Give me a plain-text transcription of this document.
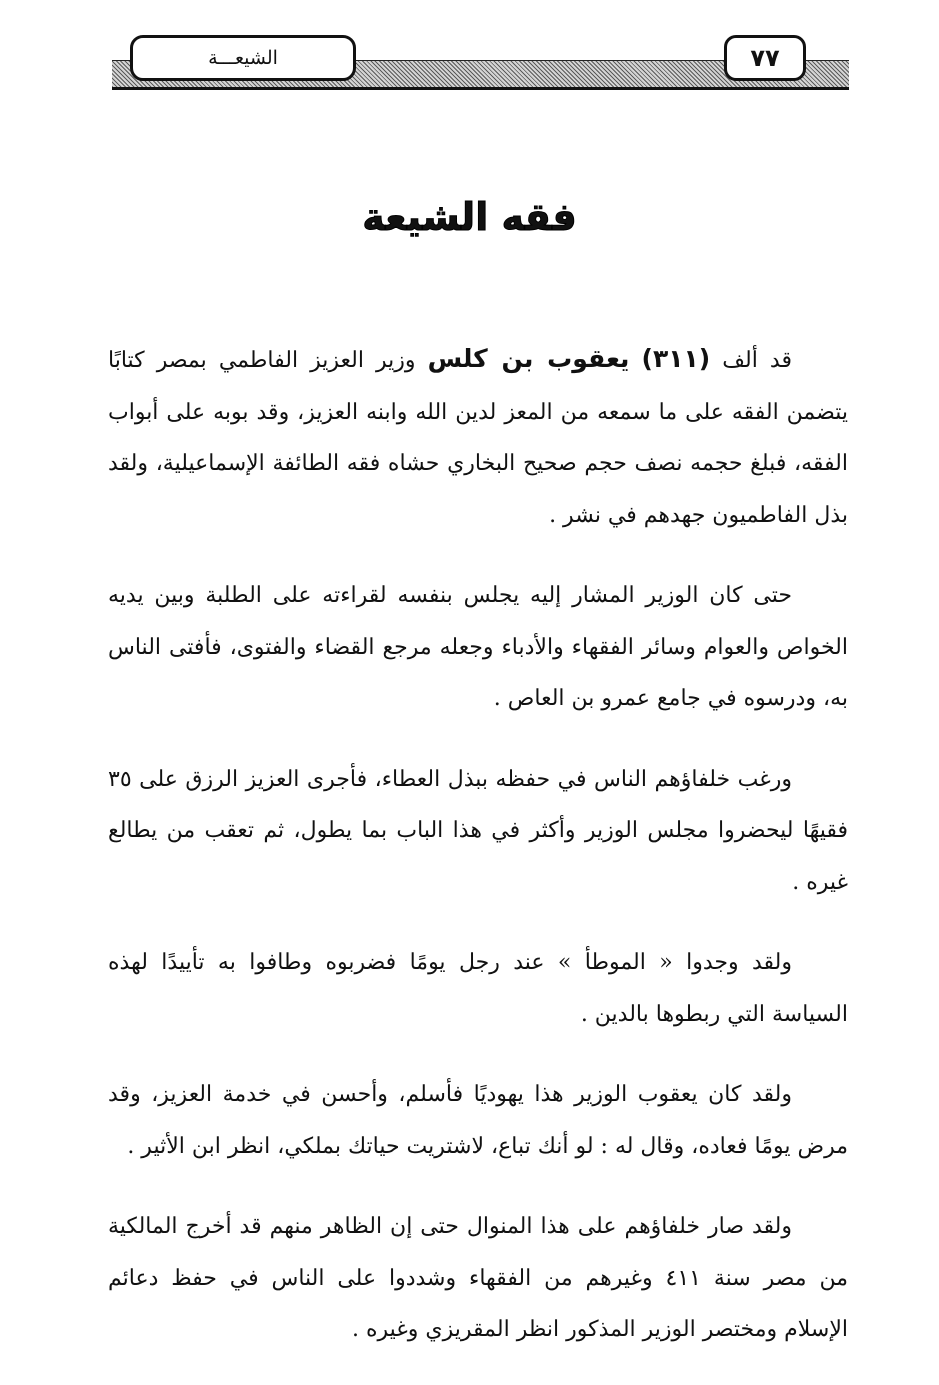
الشيعـــة	٧٧
فقه الشيعة

قد ألف (٣١١) يعقوب بن كلس وزير العزيز الفاطمي بمصر كتابًا يتضمن الفقه على ما سمعه من المعز لدين الله وابنه العزيز، وقد بوبه على أبواب الفقه، فبلغ حجمه نصف حجم صحيح البخاري حشاه فقه الطائفة الإسماعيلية، ولقد بذل الفاطميون جهدهم في نشر .

حتى كان الوزير المشار إليه يجلس بنفسه لقراءته على الطلبة وبين يديه الخواص والعوام وسائر الفقهاء والأدباء وجعله مرجع القضاء والفتوى، فأفتى الناس به، ودرسوه في جامع عمرو بن العاص .

ورغب خلفاؤهم الناس في حفظه ببذل العطاء، فأجرى العزيز الرزق على ٣٥ فقيهًا ليحضروا مجلس الوزير وأكثر في هذا الباب بما يطول، ثم تعقب من يطالع غيره .

ولقد وجدوا « الموطأ » عند رجل يومًا فضربوه وطافوا به تأييدًا لهذه السياسة التي ربطوها بالدين .

ولقد كان يعقوب الوزير هذا يهوديًا فأسلم، وأحسن في خدمة العزيز، وقد مرض يومًا فعاده، وقال له : لو أنك تباع، لاشتريت حياتك بملكي، انظر ابن الأثير .

ولقد صار خلفاؤهم على هذا المنوال حتى إن الظاهر منهم قد أخرج المالكية من مصر سنة ٤١١ وغيرهم من الفقهاء وشددوا على الناس في حفظ دعائم الإسلام ومختصر الوزير المذكور انظر المقريزي وغيره .
